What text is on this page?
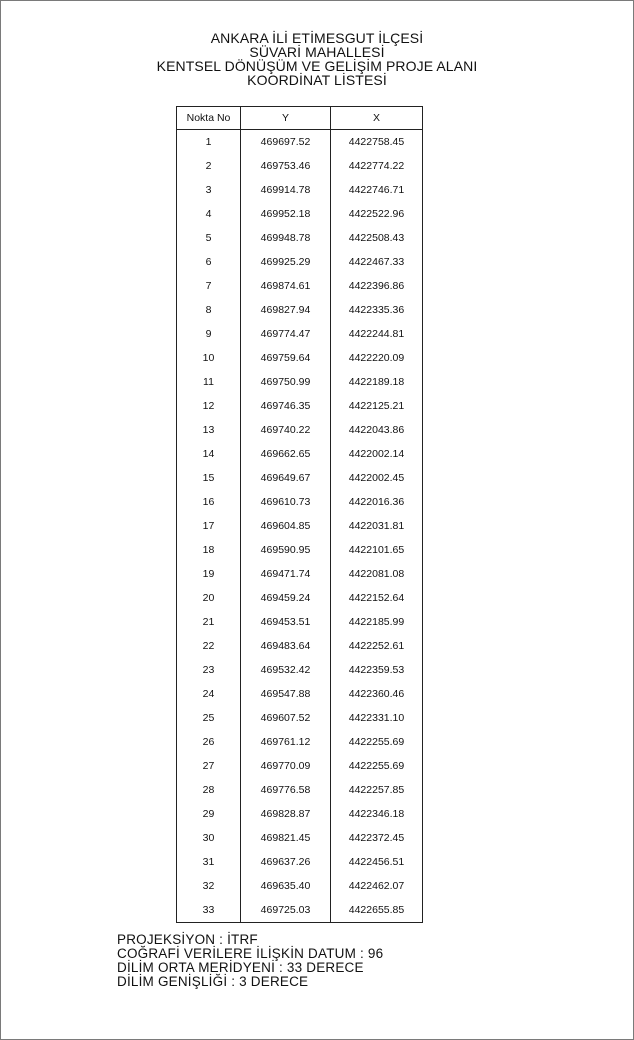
ANKARA İLİ ETİMESGUT İLÇESİ
SÜVARİ MAHALLESİ
KENTSEL DÖNÜŞÜM VE GELİŞİM PROJE ALANI
KOORDİNAT LİSTESİ
Nokta No	Y	X
1	469697.52	4422758.45
2	469753.46	4422774.22
3	469914.78	4422746.71
4	469952.18	4422522.96
5	469948.78	4422508.43
6	469925.29	4422467.33
7	469874.61	4422396.86
8	469827.94	4422335.36
9	469774.47	4422244.81
10	469759.64	4422220.09
11	469750.99	4422189.18
12	469746.35	4422125.21
13	469740.22	4422043.86
14	469662.65	4422002.14
15	469649.67	4422002.45
16	469610.73	4422016.36
17	469604.85	4422031.81
18	469590.95	4422101.65
19	469471.74	4422081.08
20	469459.24	4422152.64
21	469453.51	4422185.99
22	469483.64	4422252.61
23	469532.42	4422359.53
24	469547.88	4422360.46
25	469607.52	4422331.10
26	469761.12	4422255.69
27	469770.09	4422255.69
28	469776.58	4422257.85
29	469828.87	4422346.18
30	469821.45	4422372.45
31	469637.26	4422456.51
32	469635.40	4422462.07
33	469725.03	4422655.85
PROJEKSİYON : İTRF
COĞRAFİ VERİLERE İLİŞKİN DATUM : 96
DİLİM ORTA MERİDYENİ : 33 DERECE
DİLİM GENİŞLİĞİ : 3 DERECE
